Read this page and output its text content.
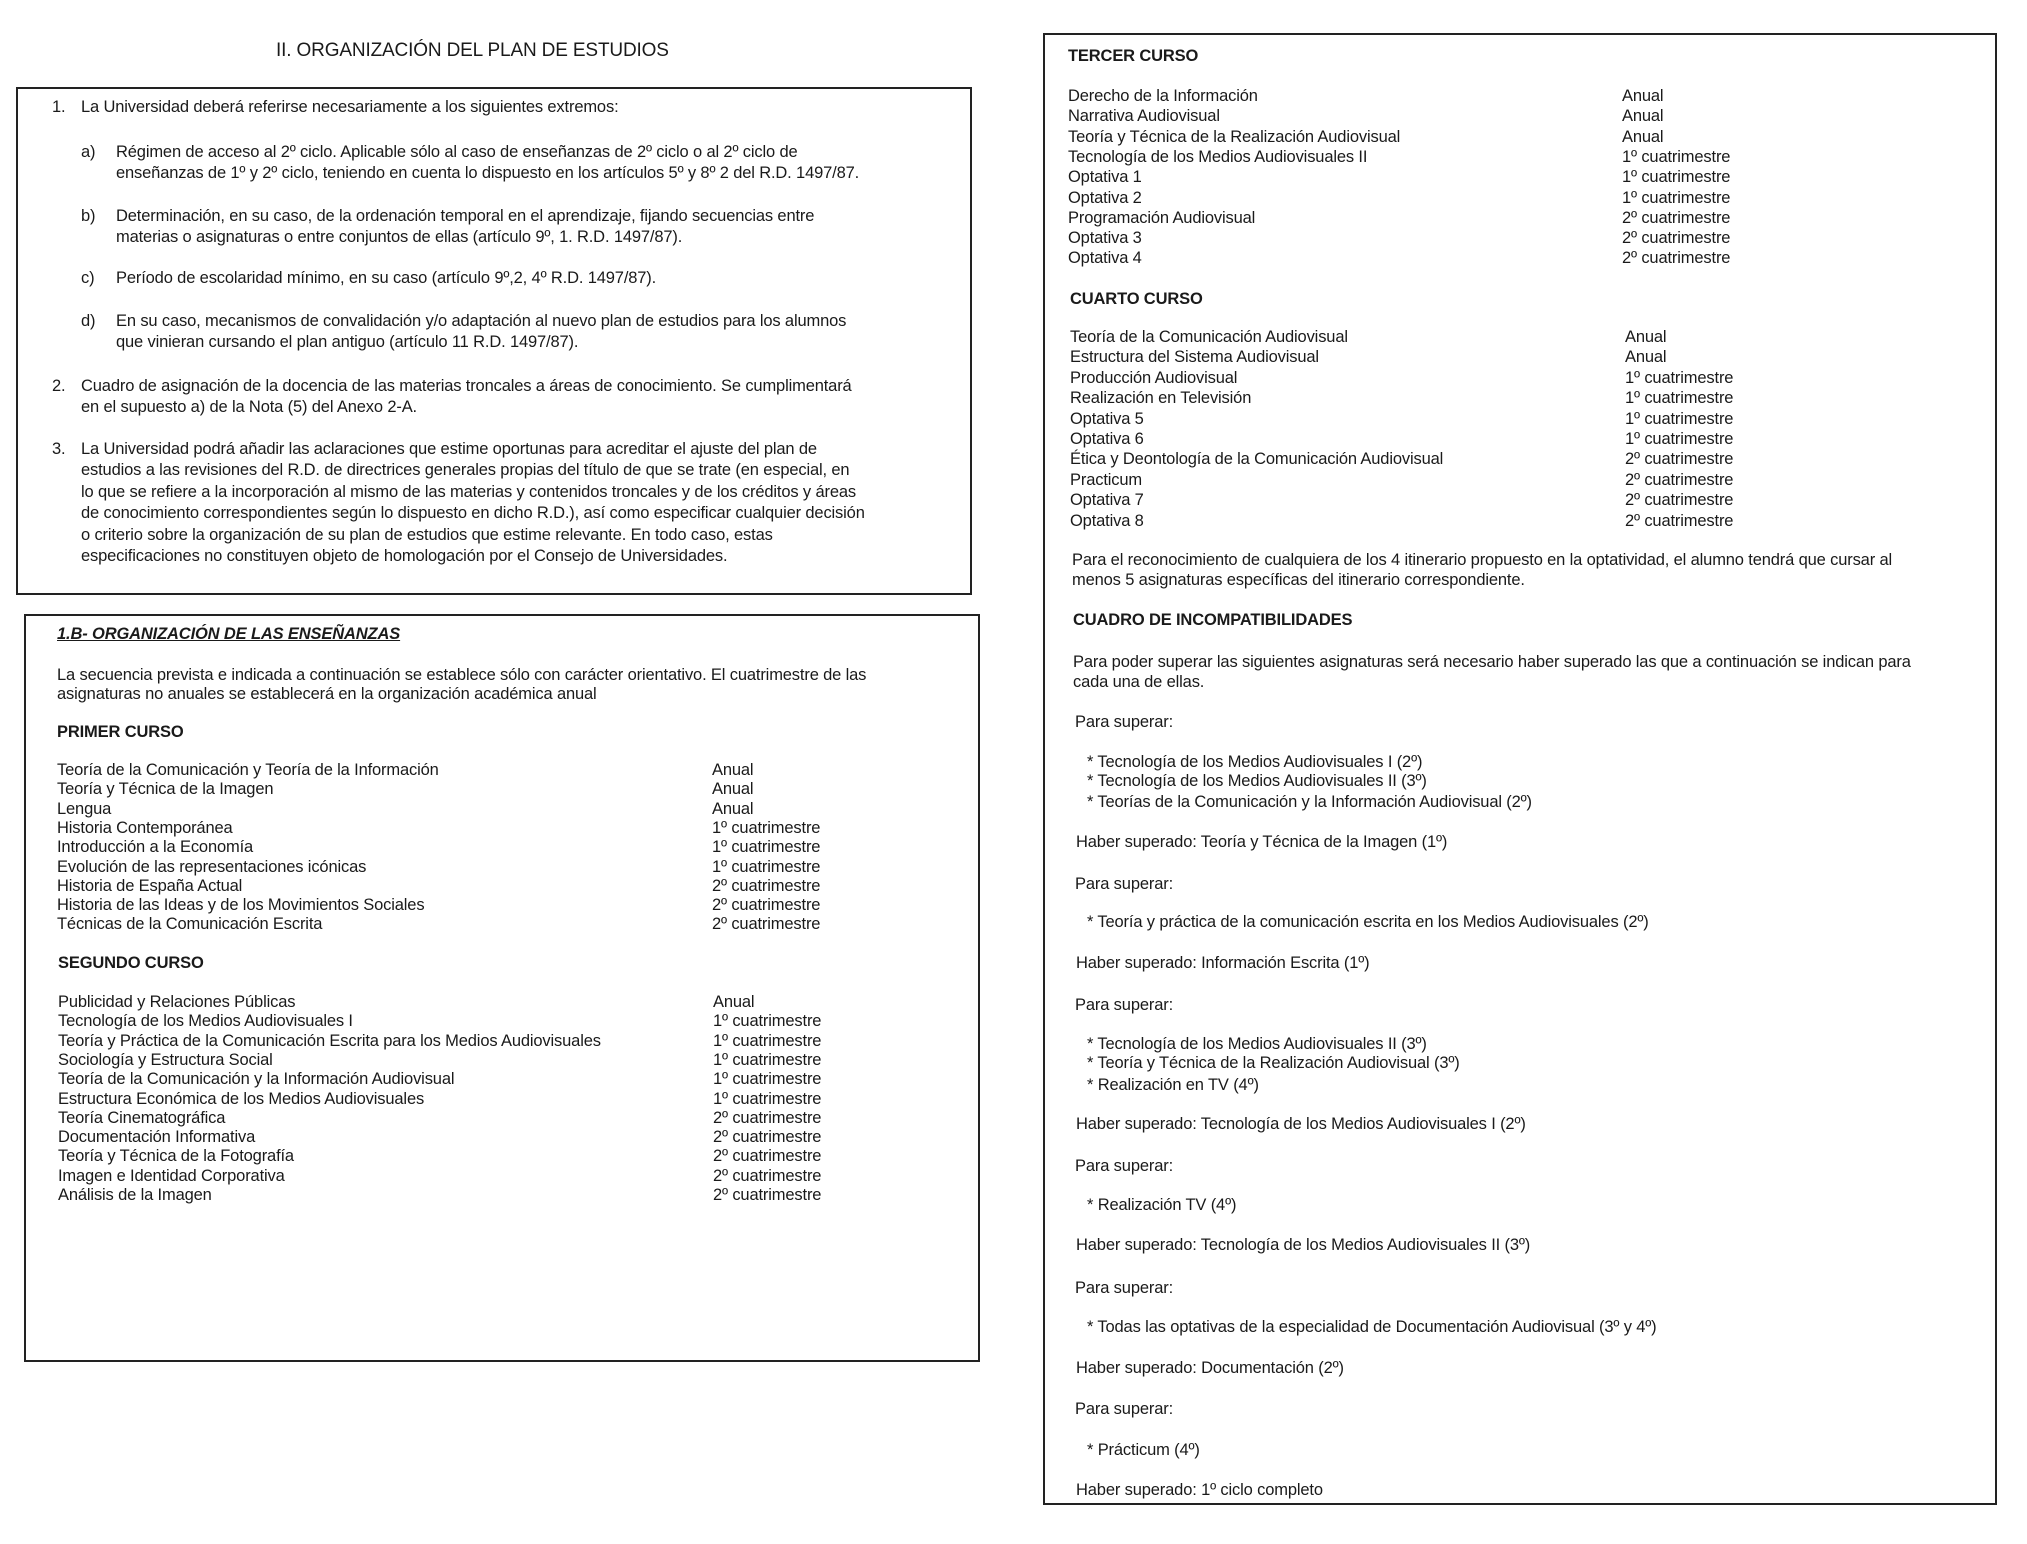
II. ORGANIZACIÓN DEL PLAN DE ESTUDIOS
1. La Universidad deberá referirse necesariamente a los siguientes extremos:
a) Régimen de acceso al 2º ciclo. Aplicable sólo al caso de enseñanzas de 2º ciclo o al 2º ciclo de
enseñanzas de 1º y 2º ciclo, teniendo en cuenta lo dispuesto en los artículos 5º y 8º 2 del R.D. 1497/87.
b) Determinación, en su caso, de la ordenación temporal en el aprendizaje, fijando secuencias entre
materias o asignaturas o entre conjuntos de ellas (artículo 9º, 1. R.D. 1497/87).
c) Período de escolaridad mínimo, en su caso (artículo 9º,2, 4º R.D. 1497/87).
d) En su caso, mecanismos de convalidación y/o adaptación al nuevo plan de estudios para los alumnos
que vinieran cursando el plan antiguo (artículo 11 R.D. 1497/87).
2. Cuadro de asignación de la docencia de las materias troncales a áreas de conocimiento. Se cumplimentará
en el supuesto a) de la Nota (5) del Anexo 2-A.
3. La Universidad podrá añadir las aclaraciones que estime oportunas para acreditar el ajuste del plan de
estudios a las revisiones del R.D. de directrices generales propias del título de que se trate (en especial, en
lo que se refiere a la incorporación al mismo de las materias y contenidos troncales y de los créditos y áreas
de conocimiento correspondientes según lo dispuesto en dicho R.D.), así como especificar cualquier decisión
o criterio sobre la organización de su plan de estudios que estime relevante. En todo caso, estas
especificaciones no constituyen objeto de homologación por el Consejo de Universidades.
1.B- ORGANIZACIÓN DE LAS ENSEÑANZAS
La secuencia prevista e indicada a continuación se establece sólo con carácter orientativo. El cuatrimestre de las
asignaturas no anuales se establecerá en la organización académica anual
PRIMER CURSO
Teoría de la Comunicación y Teoría de la Información	Anual
Teoría y Técnica de la Imagen	Anual
Lengua	Anual
Historia Contemporánea	1º cuatrimestre
Introducción a la Economía	1º cuatrimestre
Evolución de las representaciones icónicas	1º cuatrimestre
Historia de España Actual	2º cuatrimestre
Historia de las Ideas y de los Movimientos Sociales	2º cuatrimestre
Técnicas de la Comunicación Escrita	2º cuatrimestre
SEGUNDO CURSO
Publicidad y Relaciones Públicas	Anual
Tecnología de los Medios Audiovisuales I	1º cuatrimestre
Teoría y Práctica de la Comunicación Escrita para los Medios Audiovisuales	1º cuatrimestre
Sociología y Estructura Social	1º cuatrimestre
Teoría de la Comunicación y la Información Audiovisual	1º cuatrimestre
Estructura Económica de los Medios Audiovisuales	1º cuatrimestre
Teoría Cinematográfica	2º cuatrimestre
Documentación Informativa	2º cuatrimestre
Teoría y Técnica de la Fotografía	2º cuatrimestre
Imagen e Identidad Corporativa	2º cuatrimestre
Análisis de la Imagen	2º cuatrimestre
TERCER CURSO
Derecho de la Información	Anual
Narrativa Audiovisual	Anual
Teoría y Técnica de la Realización Audiovisual	Anual
Tecnología de los Medios Audiovisuales II	1º cuatrimestre
Optativa 1	1º cuatrimestre
Optativa 2	1º cuatrimestre
Programación Audiovisual	2º cuatrimestre
Optativa 3	2º cuatrimestre
Optativa 4	2º cuatrimestre
CUARTO CURSO
Teoría de la Comunicación Audiovisual	Anual
Estructura del Sistema Audiovisual	Anual
Producción Audiovisual	1º cuatrimestre
Realización en Televisión	1º cuatrimestre
Optativa 5	1º cuatrimestre
Optativa 6	1º cuatrimestre
Ética y Deontología de la Comunicación Audiovisual	2º cuatrimestre
Practicum	2º cuatrimestre
Optativa 7	2º cuatrimestre
Optativa 8	2º cuatrimestre
Para el reconocimiento de cualquiera de los 4 itinerario propuesto en la optatividad, el alumno tendrá que cursar al
menos 5 asignaturas específicas del itinerario correspondiente.
CUADRO DE INCOMPATIBILIDADES
Para poder superar las siguientes asignaturas será necesario haber superado las que a continuación se indican para
cada una de ellas.
Para superar:
* Tecnología de los Medios Audiovisuales I (2º)
* Tecnología de los Medios Audiovisuales II (3º)
* Teorías de la Comunicación y la Información Audiovisual (2º)
Haber superado: Teoría y Técnica de la Imagen (1º)
Para superar:
* Teoría y práctica de la comunicación escrita en los Medios Audiovisuales (2º)
Haber superado: Información Escrita (1º)
Para superar:
* Tecnología de los Medios Audiovisuales II (3º)
* Teoría y Técnica de la Realización Audiovisual (3º)
* Realización en TV (4º)
Haber superado: Tecnología de los Medios Audiovisuales I (2º)
Para superar:
* Realización TV (4º)
Haber superado: Tecnología de los Medios Audiovisuales II (3º)
Para superar:
* Todas las optativas de la especialidad de Documentación Audiovisual (3º y 4º)
Haber superado: Documentación (2º)
Para superar:
* Prácticum (4º)
Haber superado: 1º ciclo completo
